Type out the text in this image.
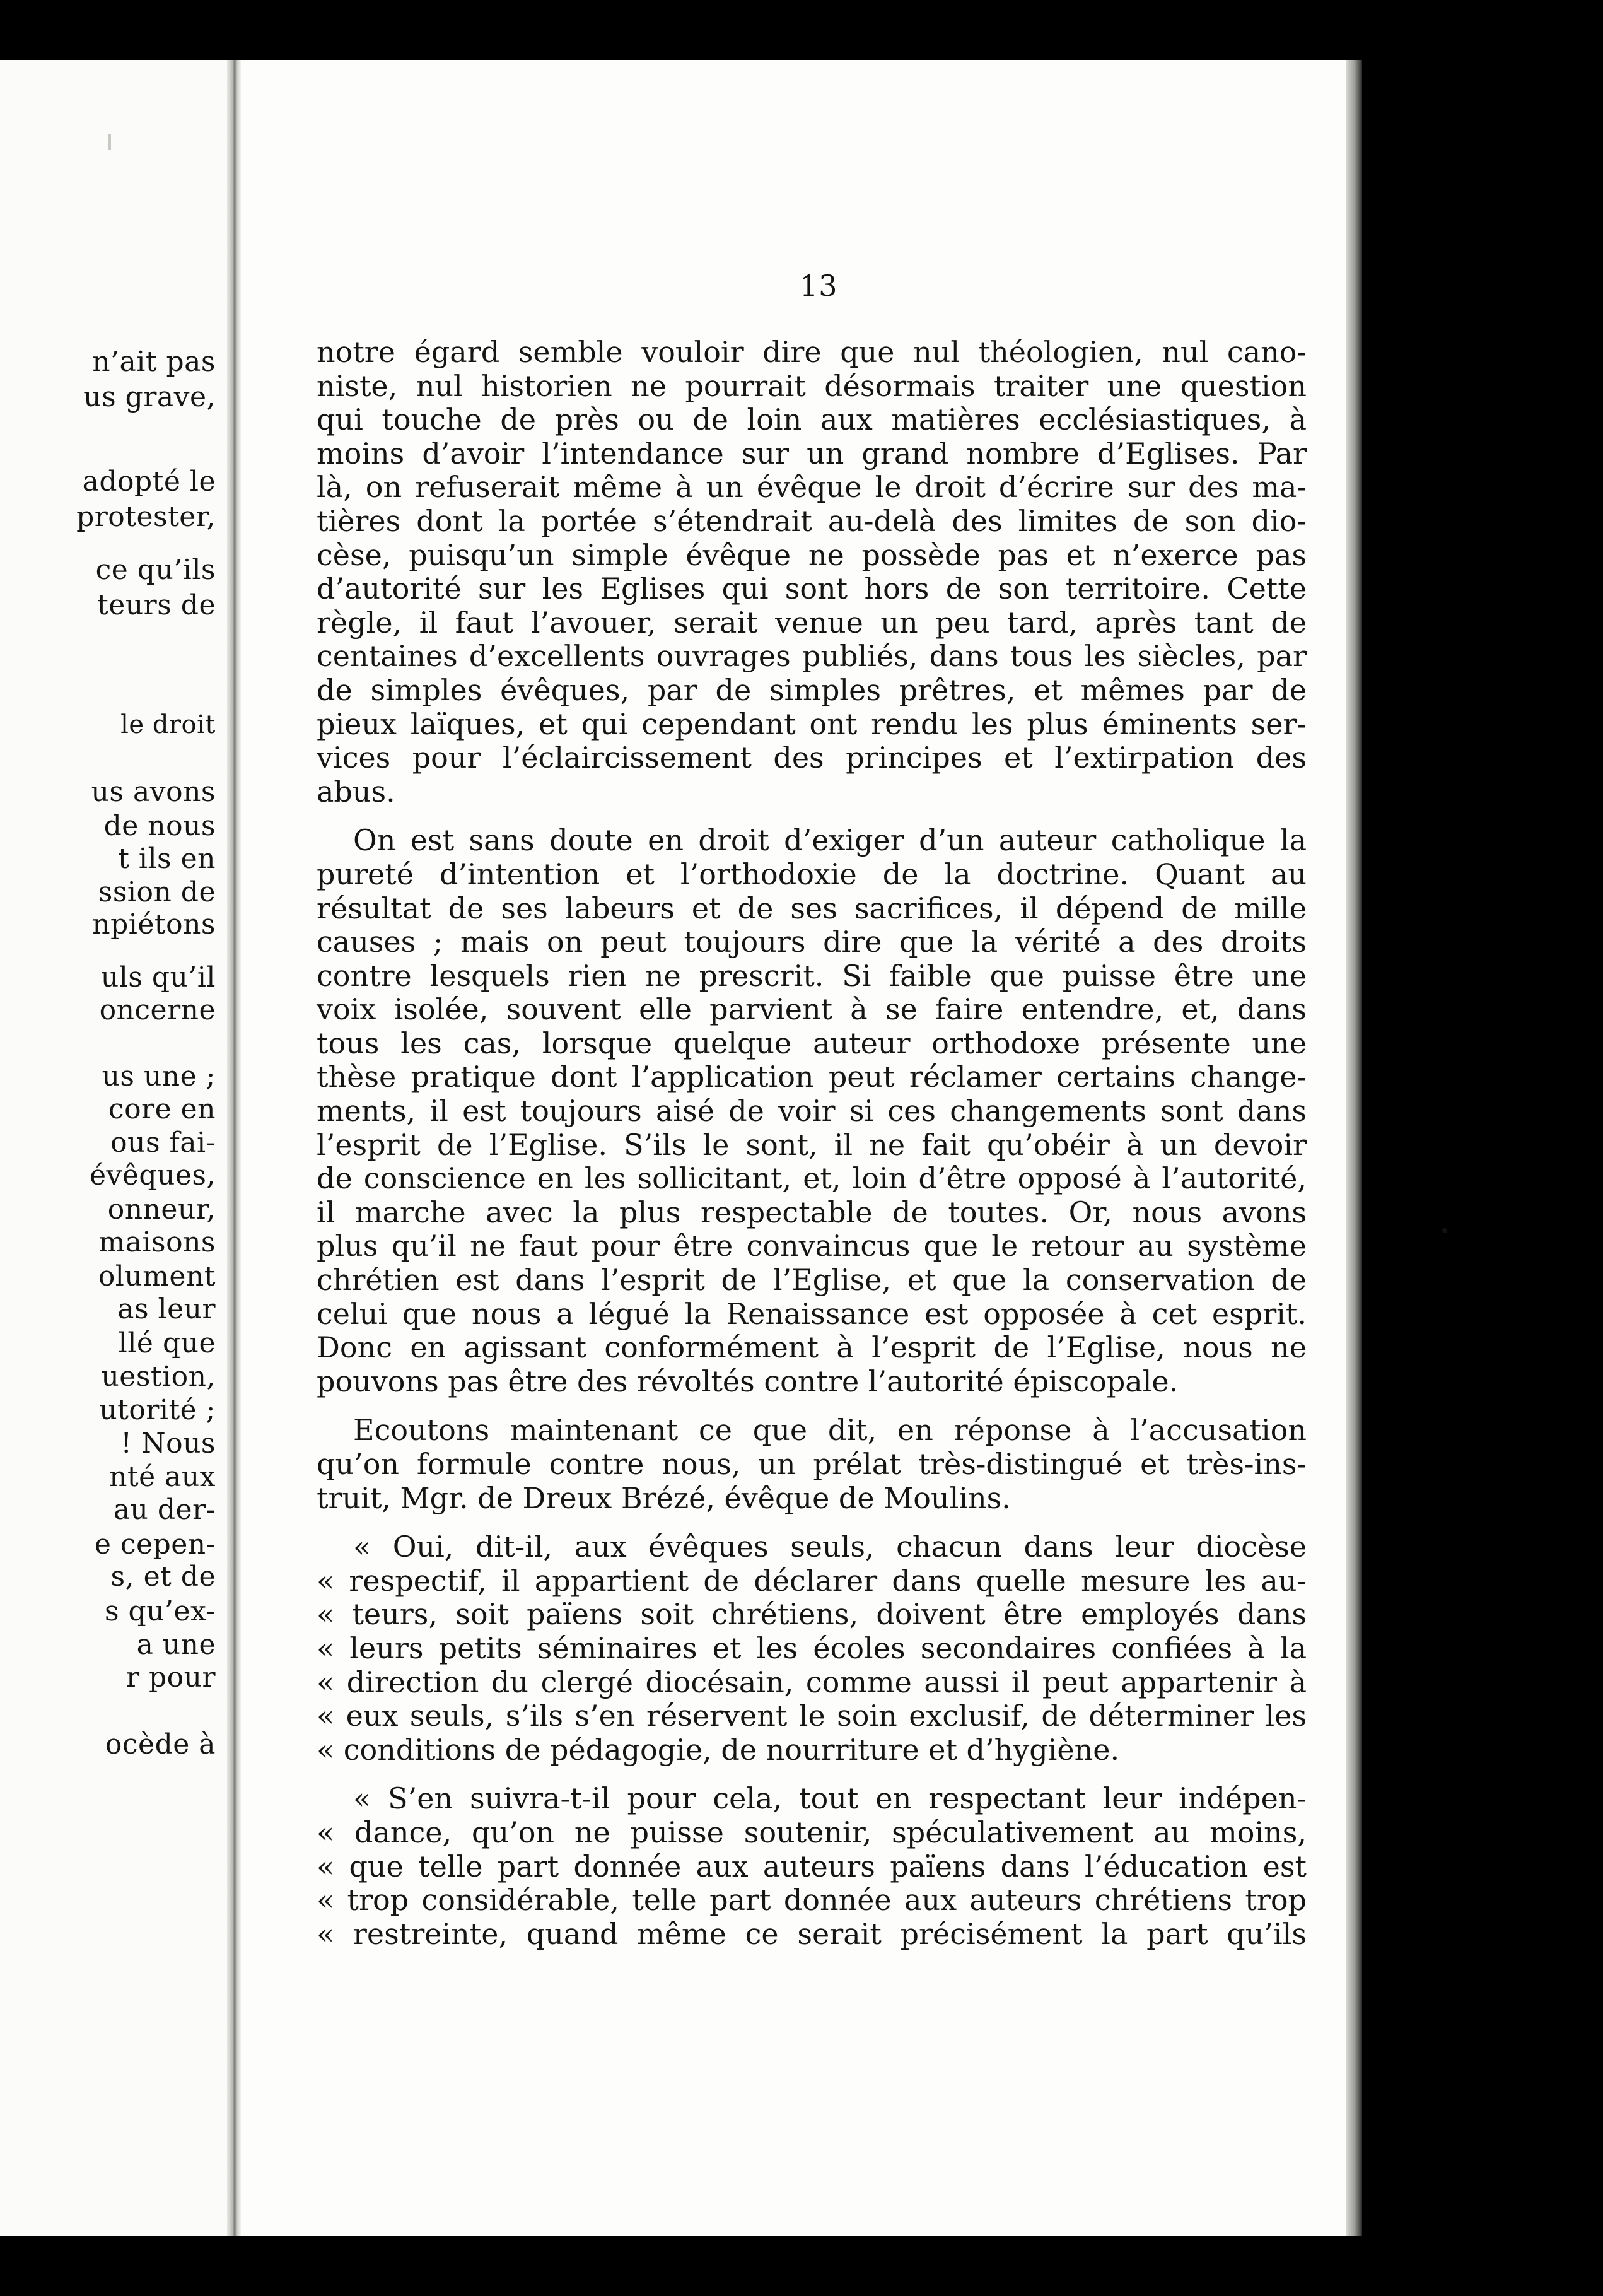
n’ait pas
us grave,
adopté le
protester,
ce qu’ils
teurs de
le droit
us avons
de nous
t ils en
ssion de
npiétons
uls qu’il
oncerne
us une ;
core en
ous fai-
évêques,
onneur,
maisons
olument
as leur
llé que
uestion,
utorité ;
! Nous
nté aux
au der-
e cepen-
s, et de
s qu’ex-
a une
r pour
ocède à
13
notre égard semble vouloir dire que nul théologien, nul cano-
niste, nul historien ne pourrait désormais traiter une question
qui touche de près ou de loin aux matières ecclésiastiques, à
moins d’avoir l’intendance sur un grand nombre d’Eglises. Par
là, on refuserait même à un évêque le droit d’écrire sur des ma-
tières dont la portée s’étendrait au-delà des limites de son dio-
cèse, puisqu’un simple évêque ne possède pas et n’exerce pas
d’autorité sur les Eglises qui sont hors de son territoire. Cette
règle, il faut l’avouer, serait venue un peu tard, après tant de
centaines d’excellents ouvrages publiés, dans tous les siècles, par
de simples évêques, par de simples prêtres, et mêmes par de
pieux laïques, et qui cependant ont rendu les plus éminents ser-
vices pour l’éclaircissement des principes et l’extirpation des
abus.
On est sans doute en droit d’exiger d’un auteur catholique la
pureté d’intention et l’orthodoxie de la doctrine. Quant au
résultat de ses labeurs et de ses sacrifices, il dépend de mille
causes ; mais on peut toujours dire que la vérité a des droits
contre lesquels rien ne prescrit. Si faible que puisse être une
voix isolée, souvent elle parvient à se faire entendre, et, dans
tous les cas, lorsque quelque auteur orthodoxe présente une
thèse pratique dont l’application peut réclamer certains change-
ments, il est toujours aisé de voir si ces changements sont dans
l’esprit de l’Eglise. S’ils le sont, il ne fait qu’obéir à un devoir
de conscience en les sollicitant, et, loin d’être opposé à l’autorité,
il marche avec la plus respectable de toutes. Or, nous avons
plus qu’il ne faut pour être convaincus que le retour au système
chrétien est dans l’esprit de l’Eglise, et que la conservation de
celui que nous a légué la Renaissance est opposée à cet esprit.
Donc en agissant conformément à l’esprit de l’Eglise, nous ne
pouvons pas être des révoltés contre l’autorité épiscopale.
Ecoutons maintenant ce que dit, en réponse à l’accusation
qu’on formule contre nous, un prélat très-distingué et très-ins-
truit, Mgr. de Dreux Brézé, évêque de Moulins.
« Oui, dit-il, aux évêques seuls, chacun dans leur diocèse
« respectif, il appartient de déclarer dans quelle mesure les au-
« teurs, soit païens soit chrétiens, doivent être employés dans
« leurs petits séminaires et les écoles secondaires confiées à la
« direction du clergé diocésain, comme aussi il peut appartenir à
« eux seuls, s’ils s’en réservent le soin exclusif, de déterminer les
« conditions de pédagogie, de nourriture et d’hygiène.
« S’en suivra-t-il pour cela, tout en respectant leur indépen-
« dance, qu’on ne puisse soutenir, spéculativement au moins,
« que telle part donnée aux auteurs païens dans l’éducation est
« trop considérable, telle part donnée aux auteurs chrétiens trop
« restreinte, quand même ce serait précisément la part qu’ils
